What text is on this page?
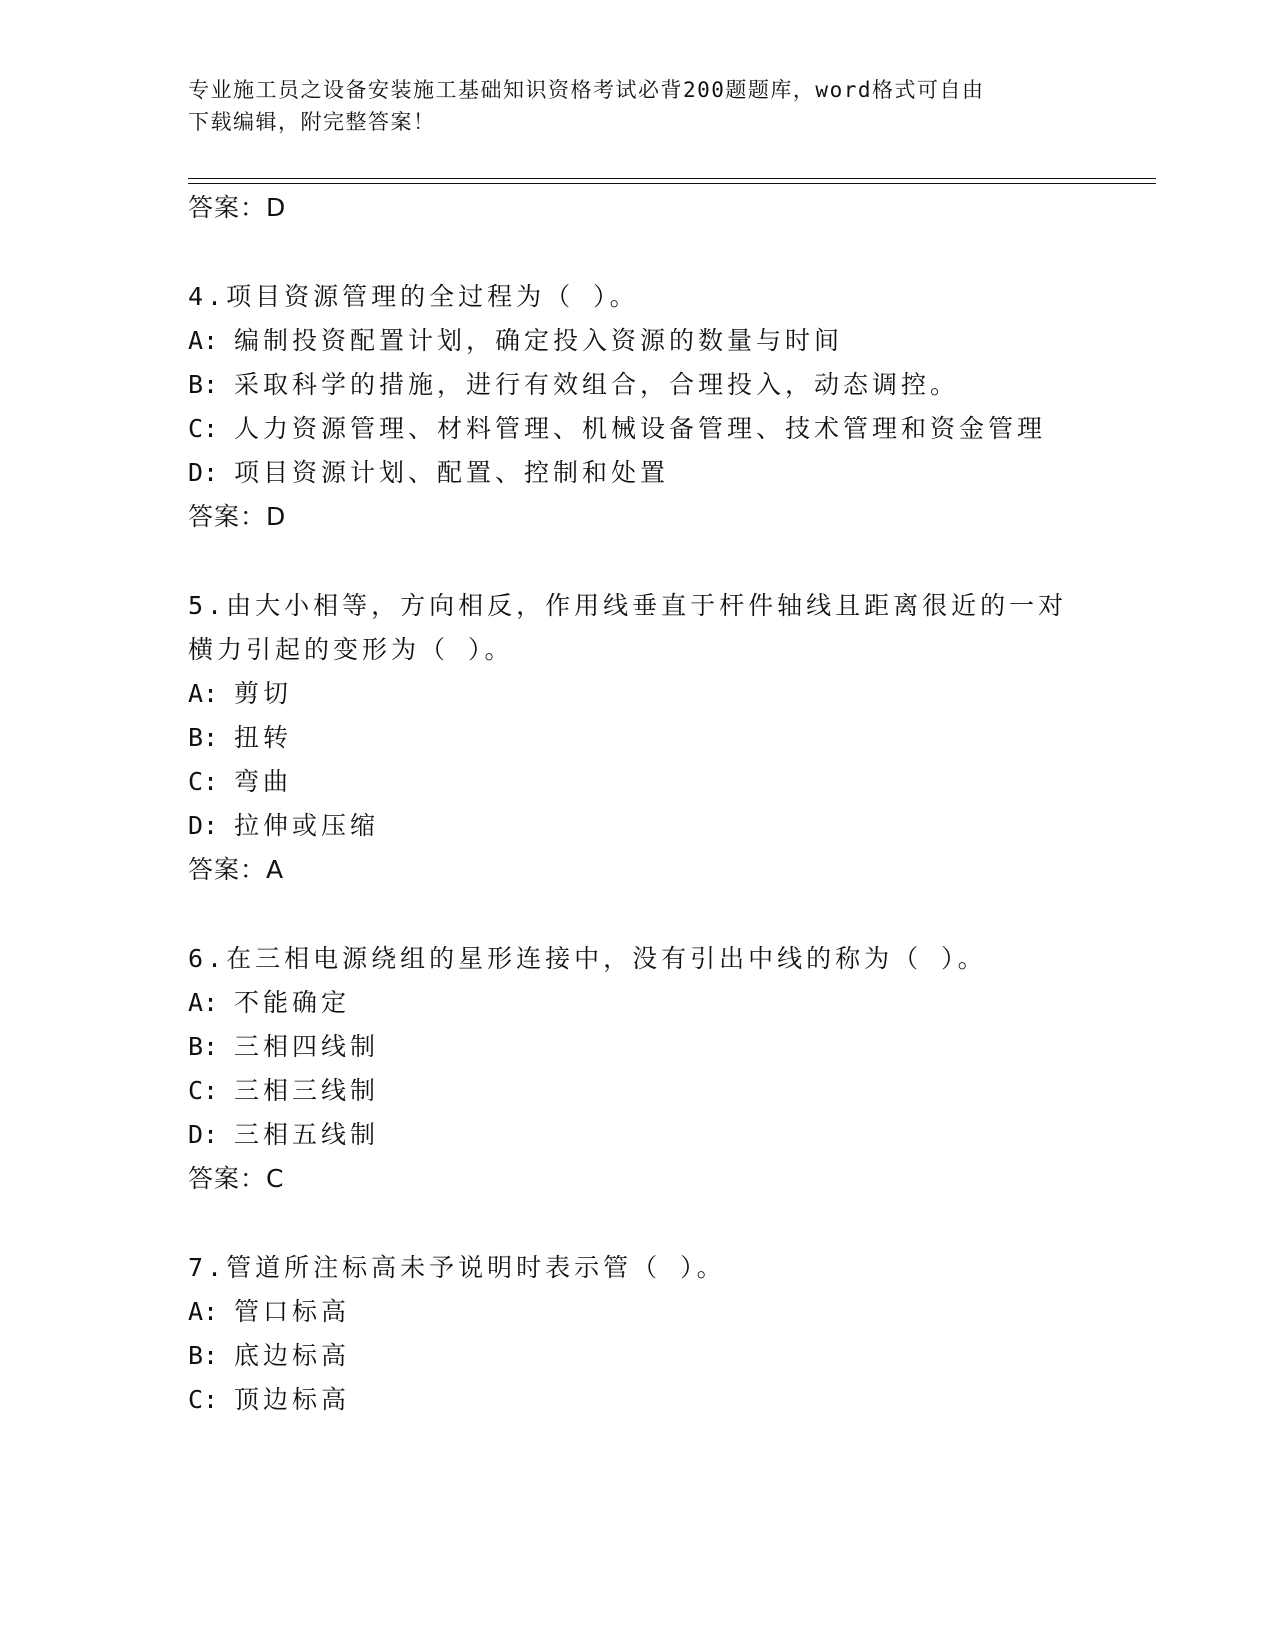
专业施工员之设备安装施工基础知识资格考试必背200题题库，word格式可自由
下载编辑，附完整答案！
答案：D
4.项目资源管理的全过程为（ ）。
A: 编制投资配置计划，确定投入资源的数量与时间
B: 采取科学的措施，进行有效组合，合理投入，动态调控。
C: 人力资源管理、材料管理、机械设备管理、技术管理和资金管理
D: 项目资源计划、配置、控制和处置
答案：D
5.由大小相等，方向相反，作用线垂直于杆件轴线且距离很近的一对
横力引起的变形为（ ）。
A: 剪切
B: 扭转
C: 弯曲
D: 拉伸或压缩
答案：A
6.在三相电源绕组的星形连接中，没有引出中线的称为（ ）。
A: 不能确定
B: 三相四线制
C: 三相三线制
D: 三相五线制
答案：C
7.管道所注标高未予说明时表示管（ ）。
A: 管口标高
B: 底边标高
C: 顶边标高
